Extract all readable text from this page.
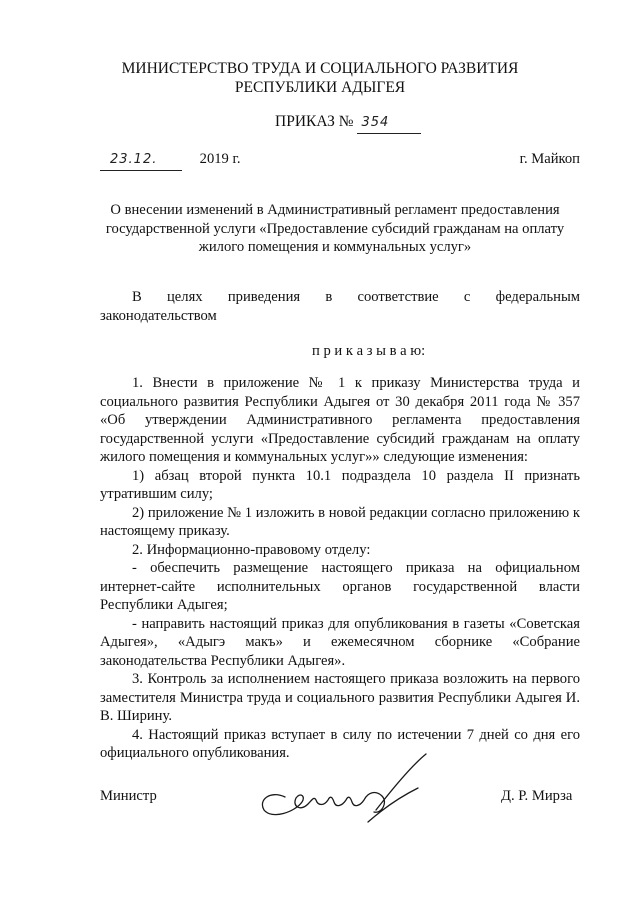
МИНИСТЕРСТВО ТРУДА И СОЦИАЛЬНОГО РАЗВИТИЯ
РЕСПУБЛИКИ АДЫГЕЯ
ПРИКАЗ № 354
23.12.	2019 г.	г. Майкоп
О внесении изменений в Административный регламент предоставления
государственной услуги «Предоставление субсидий гражданам на оплату
жилого помещения и коммунальных услуг»
В целях приведения в соответствие с федеральным законодательством
п р и к а з ы в а ю:

1. Внести в приложение № 1 к приказу Министерства труда и социального развития Республики Адыгея от 30 декабря 2011 года № 357 «Об утверждении Административного регламента предоставления государственной услуги «Предоставление субсидий гражданам на оплату жилого помещения и коммунальных услуг»» следующие изменения:

1) абзац второй пункта 10.1 подраздела 10 раздела II признать утратившим силу;

2) приложение № 1 изложить в новой редакции согласно приложению к настоящему приказу.

2. Информационно-правовому отделу:

- обеспечить размещение настоящего приказа на официальном интернет-сайте исполнительных органов государственной власти Республики Адыгея;

- направить настоящий приказ для опубликования в газеты «Советская Адыгея», «Адыгэ макъ» и ежемесячном сборнике «Собрание законодательства Республики Адыгея».

3. Контроль за исполнением настоящего приказа возложить на первого заместителя Министра труда и социального развития Республики Адыгея И. В. Ширину.

4. Настоящий приказ вступает в силу по истечении 7 дней со дня его официального опубликования.

Министр	Д. Р. Мирза
